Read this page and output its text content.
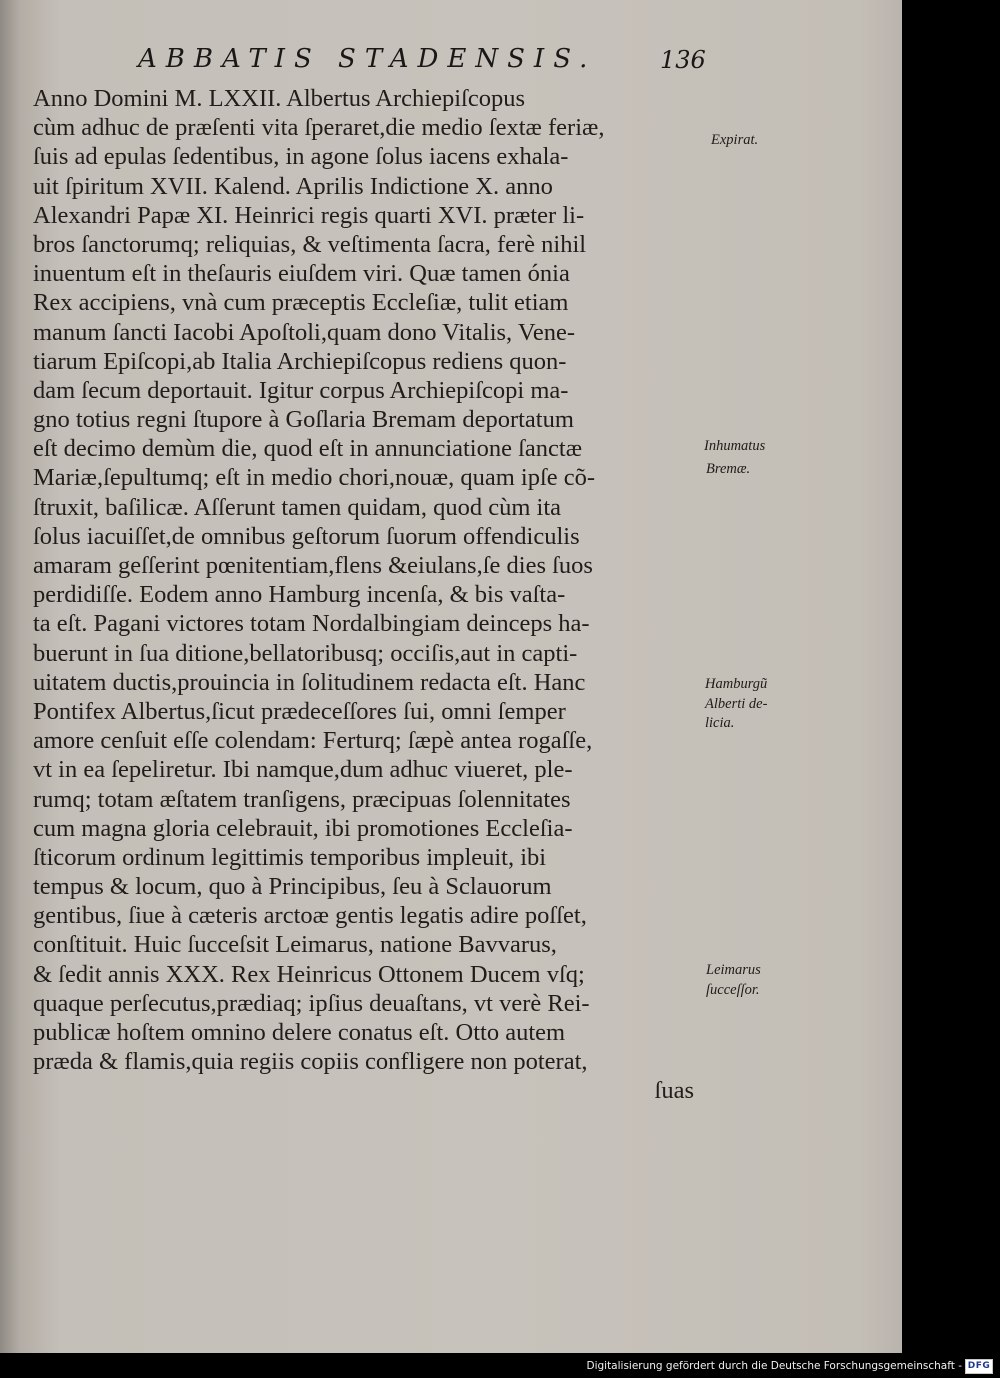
ABBATIS STADENSIS.	136
Anno Domini M. LXXII. Albertus Archiepiſcopus
cùm adhuc de præſenti vita ſperaret,die medio ſextæ feriæ,
ſuis ad epulas ſedentibus, in agone ſolus iacens exhala-
uit ſpiritum XVII. Kalend. Aprilis Indictione X. anno
Alexandri Papæ XI. Heinrici regis quarti XVI. præter li-
bros ſanctorumq; reliquias, & veſtimenta ſacra, ferè nihil
inuentum eſt in theſauris eiuſdem viri. Quæ tamen ónia
Rex accipiens, vnà cum præceptis Eccleſiæ, tulit etiam
manum ſancti Iacobi Apoſtoli,quam dono Vitalis, Vene-
tiarum Epiſcopi,ab Italia Archiepiſcopus rediens quon-
dam ſecum deportauit. Igitur corpus Archiepiſcopi ma-
gno totius regni ſtupore à Goſlaria Bremam deportatum
eſt decimo demùm die, quod eſt in annunciatione ſanctæ
Mariæ,ſepultumq; eſt in medio chori,nouæ, quam ipſe cõ-
ſtruxit, baſilicæ. Aſſerunt tamen quidam, quod cùm ita
ſolus iacuiſſet,de omnibus geſtorum ſuorum offendiculis
amaram geſſerint pœnitentiam,flens &eiulans,ſe dies ſuos
perdidiſſe. Eodem anno Hamburg incenſa, & bis vaſta-
ta eſt. Pagani victores totam Nordalbingiam deinceps ha-
buerunt in ſua ditione,bellatoribusq; occiſis,aut in capti-
uitatem ductis,prouincia in ſolitudinem redacta eſt. Hanc
Pontifex Albertus,ſicut prædeceſſores ſui, omni ſemper
amore cenſuit eſſe colendam: Ferturq; ſæpè antea rogaſſe,
vt in ea ſepeliretur. Ibi namque,dum adhuc viueret, ple-
rumq; totam æſtatem tranſigens, præcipuas ſolennitates
cum magna gloria celebrauit, ibi promotiones Eccleſia-
ſticorum ordinum legittimis temporibus impleuit, ibi
tempus & locum, quo à Principibus, ſeu à Sclauorum
gentibus, ſiue à cæteris arctoæ gentis legatis adire poſſet,
conſtituit. Huic ſucceſsit Leimarus, natione Bavvarus,
& ſedit annis XXX. Rex Heinricus Ottonem Ducem vſq;
quaque perſecutus,prædiaq; ipſius deuaſtans, vt verè Rei-
publicæ hoſtem omnino delere conatus eſt. Otto autem
præda & flamis,quia regiis copiis confligere non poterat,
ſuas
Expirat.
Inhumatus
Bremæ.
Hamburgũ
Alberti de-
licia.
Leimarus
ſucceſſor.
Digitalisierung gefördert durch die Deutsche Forschungsgemeinschaft - DFG
